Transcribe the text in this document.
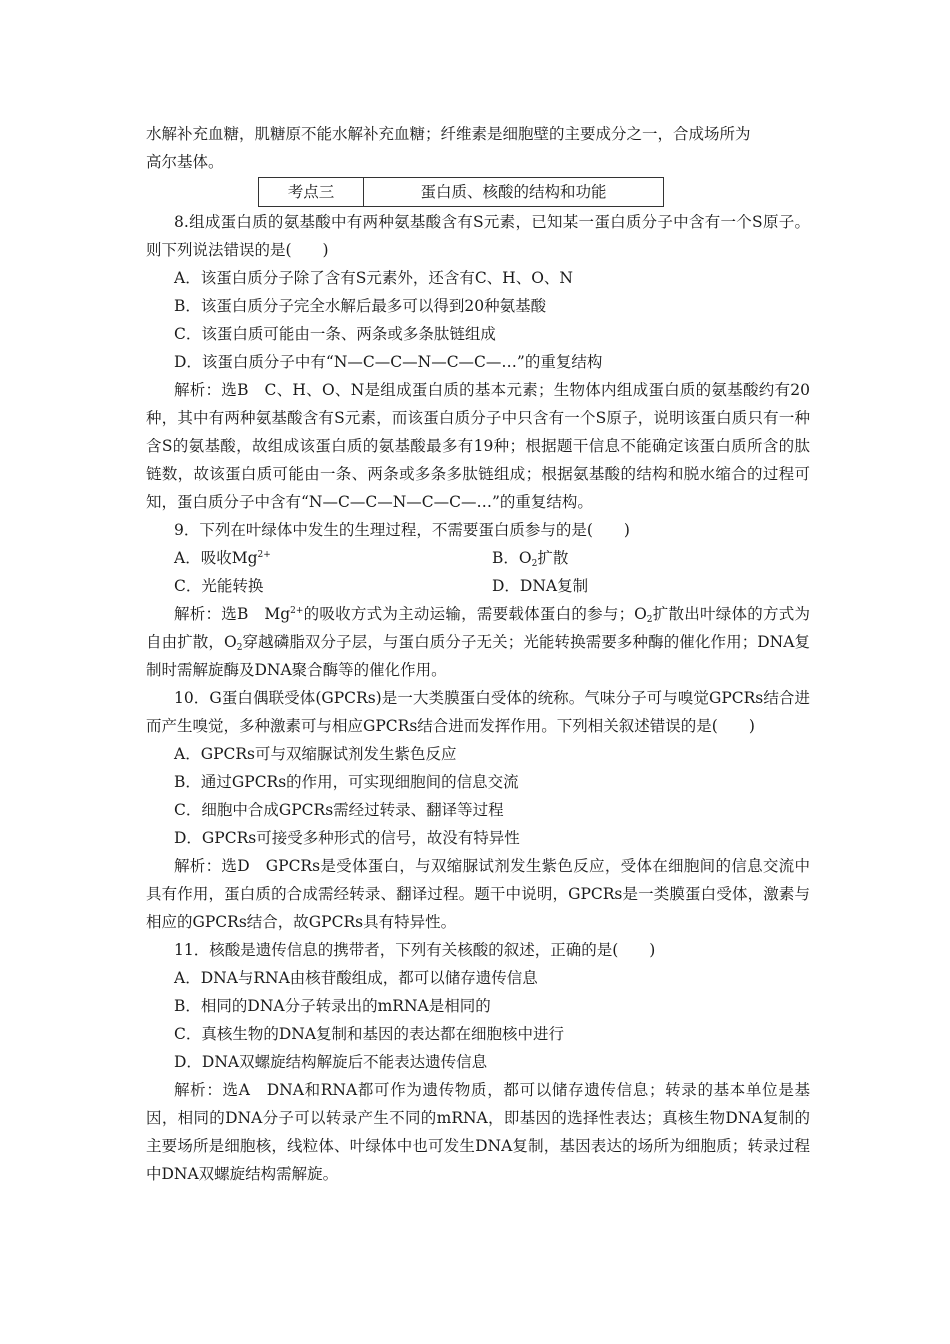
水解补充血糖，肌糖原不能水解补充血糖；纤维素是细胞壁的主要成分之一，合成场所为

高尔基体。

考点三	蛋白质、核酸的结构和功能

8.组成蛋白质的氨基酸中有两种氨基酸含有S元素，已知某一蛋白质分子中含有一个S原子。则下列说法错误的是(　　)

A．该蛋白质分子除了含有S元素外，还含有C、H、O、N

B．该蛋白质分子完全水解后最多可以得到20种氨基酸

C．该蛋白质可能由一条、两条或多条肽链组成

D．该蛋白质分子中有“N—C—C—N—C—C—…”的重复结构

解析：选B　C、H、O、N是组成蛋白质的基本元素；生物体内组成蛋白质的氨基酸约有20种，其中有两种氨基酸含有S元素，而该蛋白质分子中只含有一个S原子，说明该蛋白质只有一种含S的氨基酸，故组成该蛋白质的氨基酸最多有19种；根据题干信息不能确定该蛋白质所含的肽链数，故该蛋白质可能由一条、两条或多条多肽链组成；根据氨基酸的结构和脱水缩合的过程可知，蛋白质分子中含有“N—C—C—N—C—C—…”的重复结构。

9．下列在叶绿体中发生的生理过程，不需要蛋白质参与的是(　　)

A．吸收$Mg^{2+}$	B．$O_2$扩散
C．光能转换	D．DNA复制

解析：选B　$Mg^{2+}$的吸收方式为主动运输，需要载体蛋白的参与；$O_2$扩散出叶绿体的方式为自由扩散，$O_2$穿越磷脂双分子层，与蛋白质分子无关；光能转换需要多种酶的催化作用；DNA复制时需解旋酶及DNA聚合酶等的催化作用。

10．G蛋白偶联受体(GPCRs)是一大类膜蛋白受体的统称。气味分子可与嗅觉GPCRs结合进而产生嗅觉，多种激素可与相应GPCRs结合进而发挥作用。下列相关叙述错误的是(　　)

A．GPCRs可与双缩脲试剂发生紫色反应

B．通过GPCRs的作用，可实现细胞间的信息交流

C．细胞中合成GPCRs需经过转录、翻译等过程

D．GPCRs可接受多种形式的信号，故没有特异性

解析：选D　GPCRs是受体蛋白，与双缩脲试剂发生紫色反应，受体在细胞间的信息交流中具有作用，蛋白质的合成需经转录、翻译过程。题干中说明，GPCRs是一类膜蛋白受体，激素与相应的GPCRs结合，故GPCRs具有特异性。

11．核酸是遗传信息的携带者，下列有关核酸的叙述，正确的是(　　)

A．DNA与RNA由核苷酸组成，都可以储存遗传信息

B．相同的DNA分子转录出的mRNA是相同的

C．真核生物的DNA复制和基因的表达都在细胞核中进行

D．DNA双螺旋结构解旋后不能表达遗传信息

解析：选A　DNA和RNA都可作为遗传物质，都可以储存遗传信息；转录的基本单位是基因，相同的DNA分子可以转录产生不同的mRNA，即基因的选择性表达；真核生物DNA复制的主要场所是细胞核，线粒体、叶绿体中也可发生DNA复制，基因表达的场所为细胞质；转录过程中DNA双螺旋结构需解旋。
